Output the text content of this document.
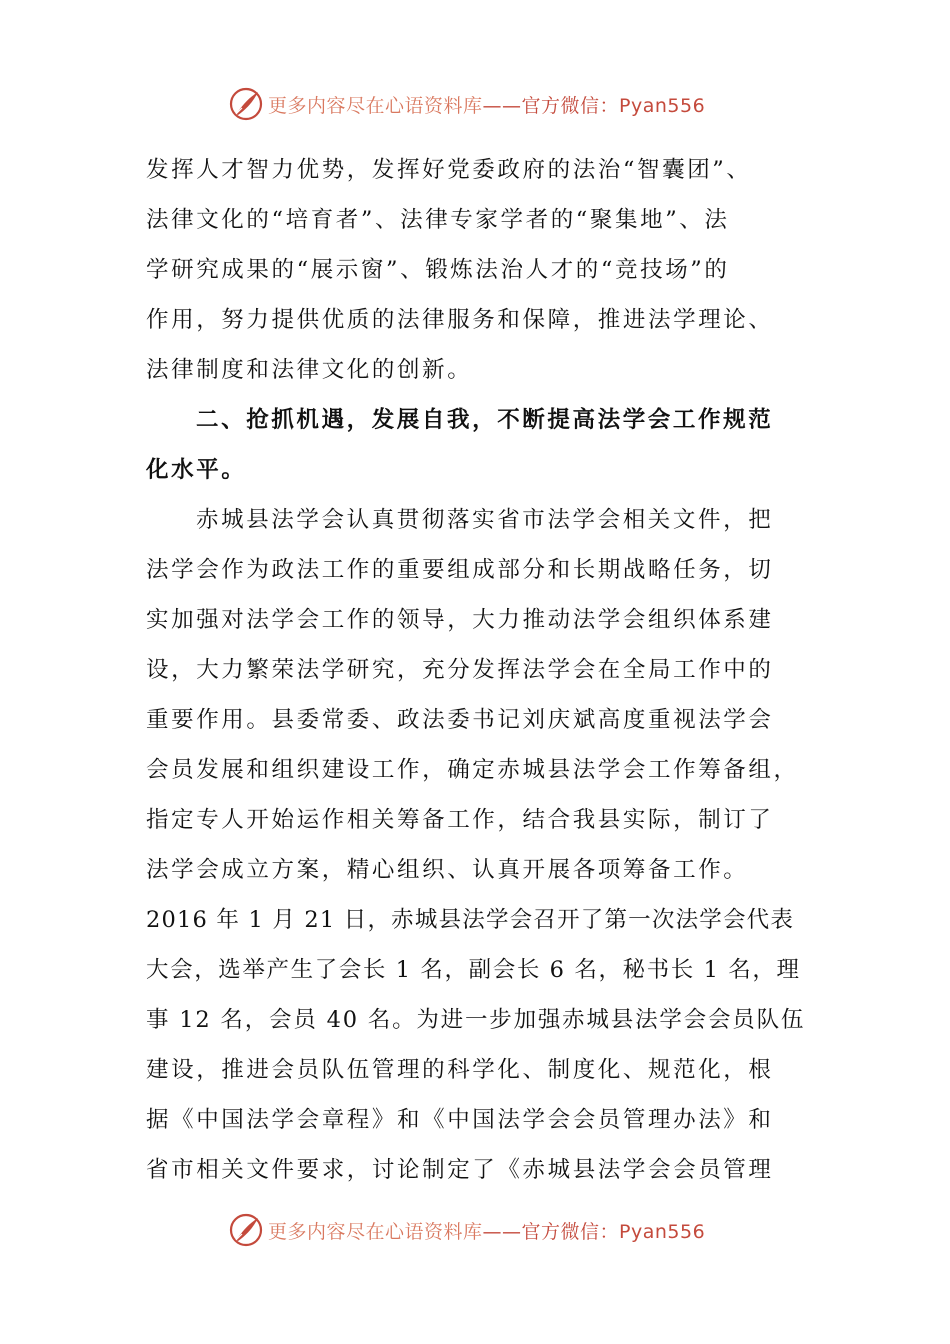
更多内容尽在心语资料库——官方微信：Pyan556
发挥人才智力优势，发挥好党委政府的法治“智囊团”、
法律文化的“培育者”、法律专家学者的“聚集地”、法
学研究成果的“展示窗”、锻炼法治人才的“竞技场”的
作用，努力提供优质的法律服务和保障，推进法学理论、
法律制度和法律文化的创新。
二、抢抓机遇，发展自我，不断提高法学会工作规范
化水平。
赤城县法学会认真贯彻落实省市法学会相关文件，把
法学会作为政法工作的重要组成部分和长期战略任务，切
实加强对法学会工作的领导，大力推动法学会组织体系建
设，大力繁荣法学研究，充分发挥法学会在全局工作中的
重要作用。县委常委、政法委书记刘庆斌高度重视法学会
会员发展和组织建设工作，确定赤城县法学会工作筹备组，
指定专人开始运作相关筹备工作，结合我县实际，制订了
法学会成立方案，精心组织、认真开展各项筹备工作。
2016 年 1 月 21 日，赤城县法学会召开了第一次法学会代表
大会，选举产生了会长 1 名，副会长 6 名，秘书长 1 名，理
事 12 名，会员 40 名。为进一步加强赤城县法学会会员队伍
建设，推进会员队伍管理的科学化、制度化、规范化，根
据《中国法学会章程》和《中国法学会会员管理办法》和
省市相关文件要求，讨论制定了《赤城县法学会会员管理
更多内容尽在心语资料库——官方微信：Pyan556
